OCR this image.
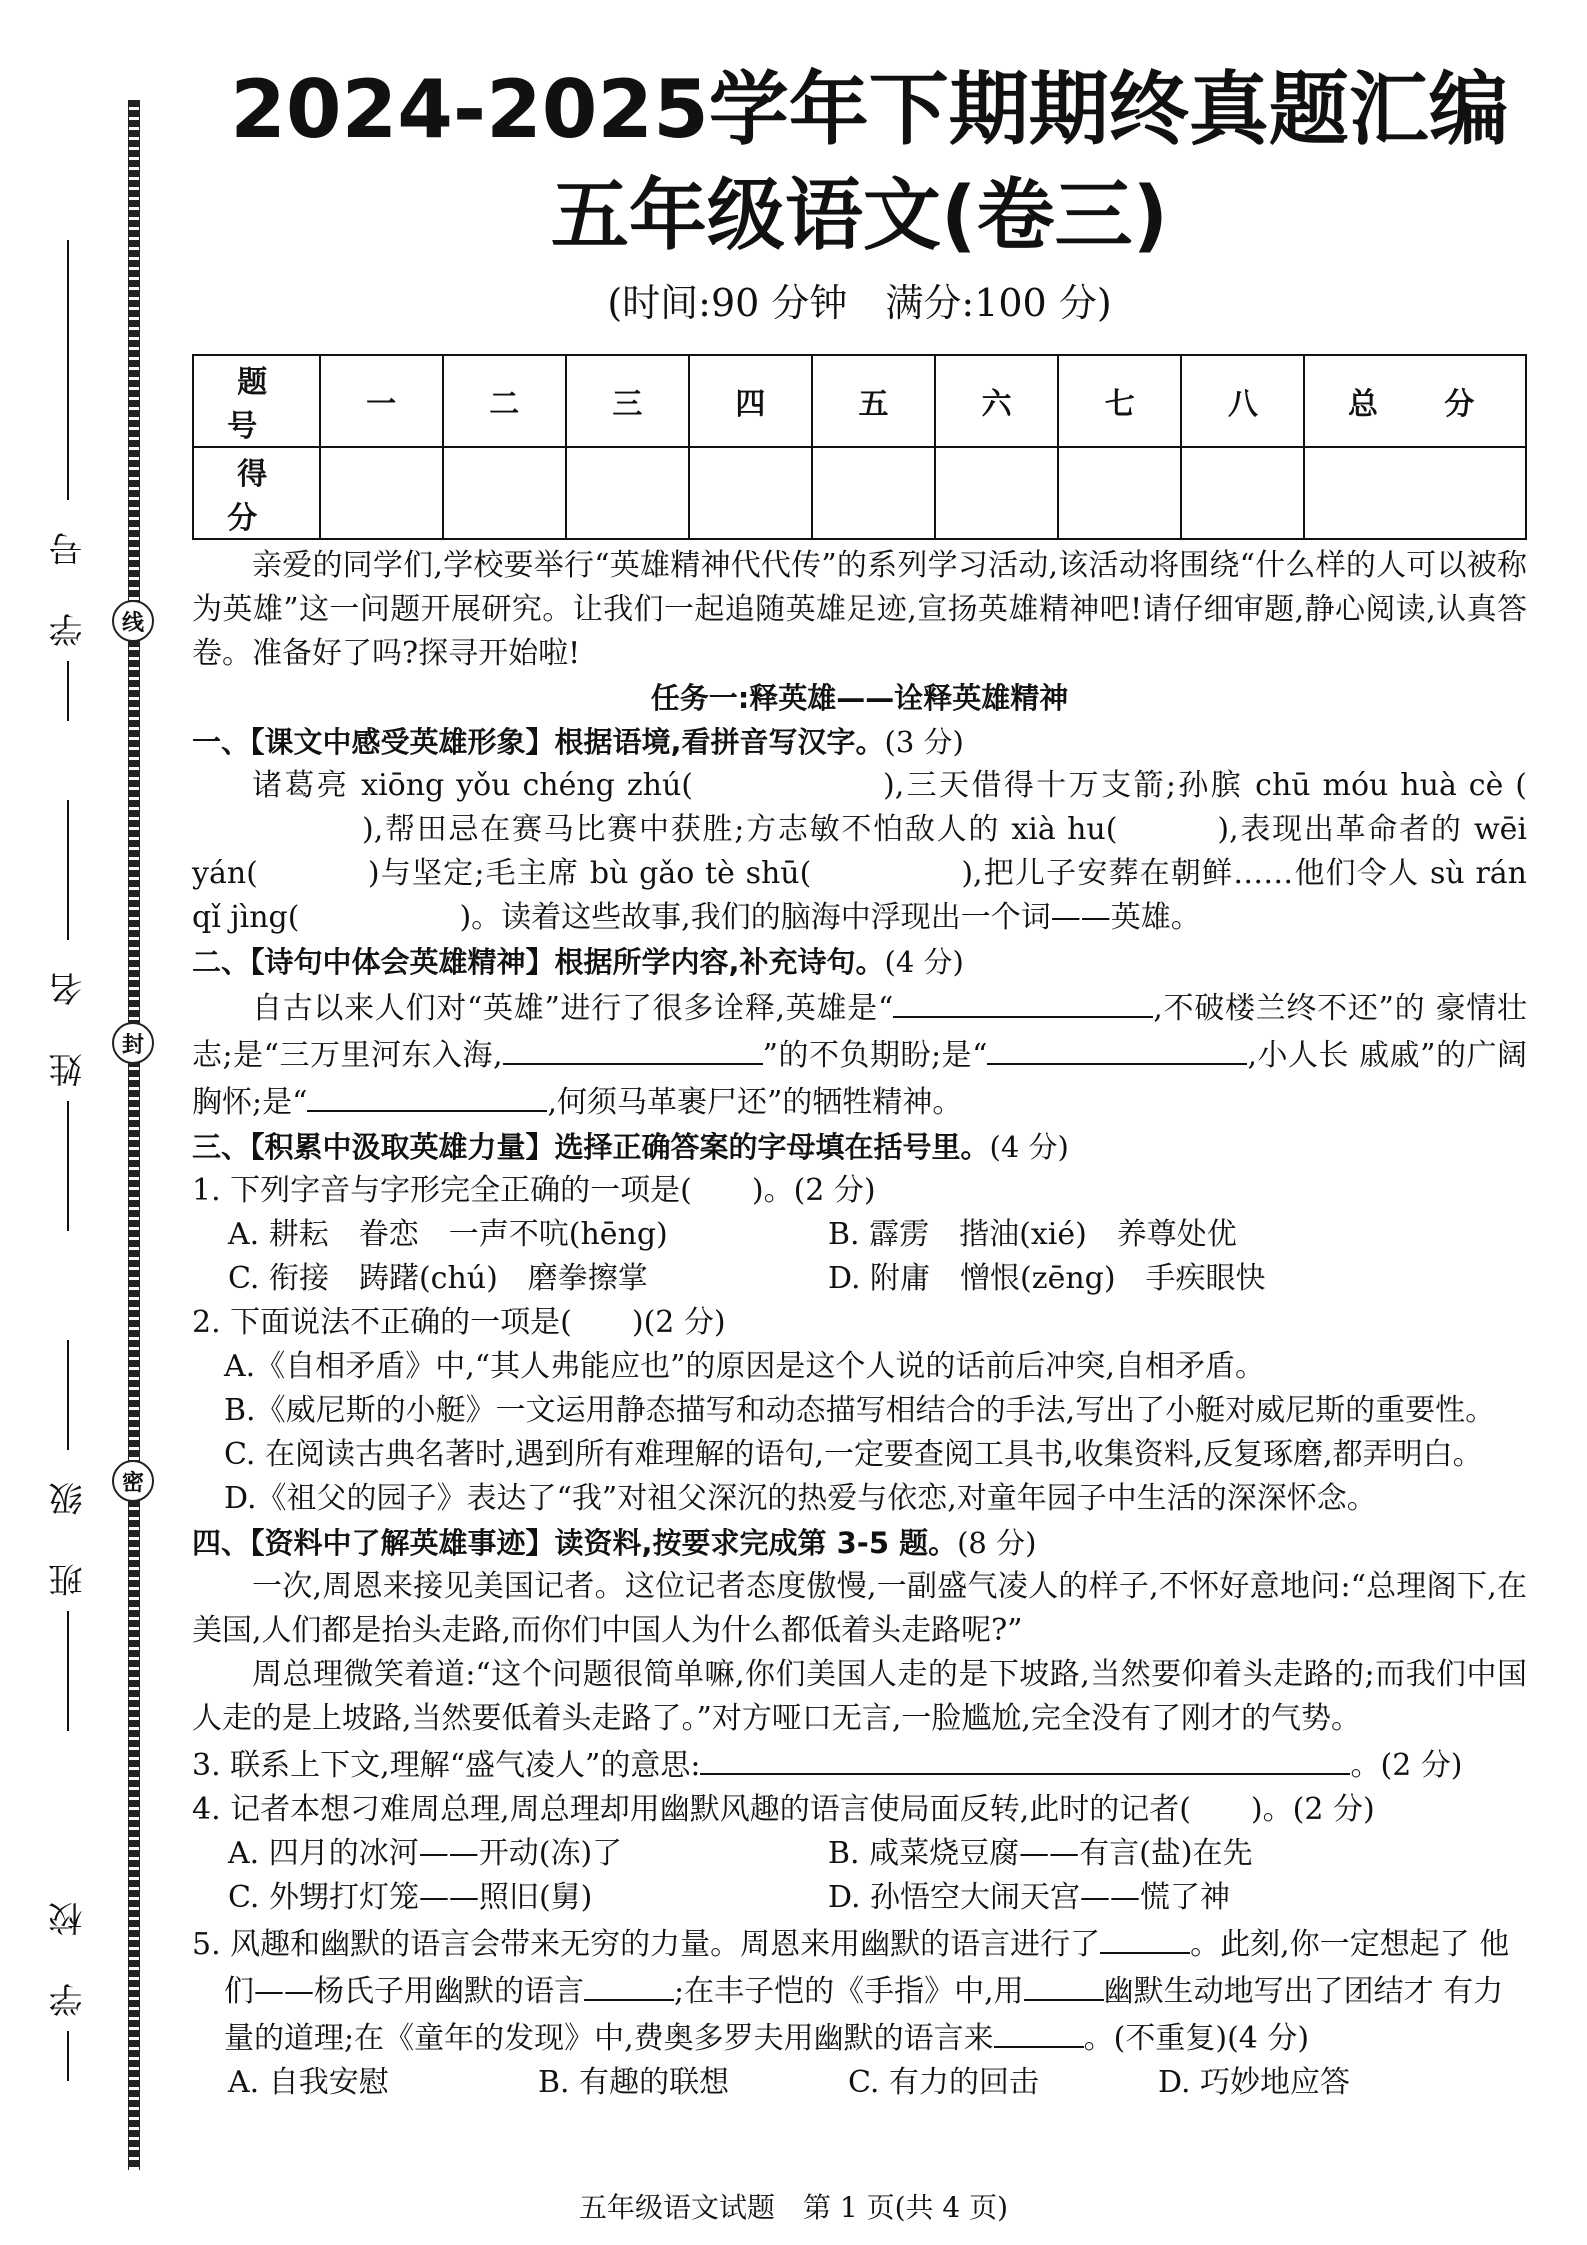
线
封
密
学 号
姓 名
班 级
学 校
2024-2025学年下期期终真题汇编
五年级语文(卷三)
(时间:90 分钟　满分:100 分)
题 号	一	二	三	四	五	六	七	八	总 分
得 分									
亲爱的同学们,学校要举行“英雄精神代代传”的系列学习活动,该活动将围绕“什么样的人可以被称为英雄”这一问题开展研究。让我们一起追随英雄足迹,宣扬英雄精神吧!请仔细审题,静心阅读,认真答卷。准备好了吗?探寻开始啦!
任务一:释英雄——诠释英雄精神
一、【课文中感受英雄形象】根据语境,看拼音写汉字。(3 分)
诸葛亮 xiōng yǒu chéng zhú(	),三天借得十万支箭;孙膑 chū móu huà cè (),帮田忌在赛马比赛中获胜;方志敏不怕敌人的 xià hu(	),表现出革命者的 wēi yán(	)与坚定;毛主席 bù gǎo tè shū(	),把儿子安葬在朝鲜……他们令人 sù rán qǐ jìng(	)。读着这些故事,我们的脑海中浮现出一个词——英雄。
二、【诗句中体会英雄精神】根据所学内容,补充诗句。(4 分)
自古以来人们对“英雄”进行了很多诠释,英雄是“	,不破楼兰终不还”的 豪情壮志;是“三万里河东入海,	”的不负期盼;是“	,小人长 戚戚”的广阔胸怀;是“	,何须马革裹尸还”的牺牲精神。
三、【积累中汲取英雄力量】选择正确答案的字母填在括号里。(4 分)
1. 下列字音与字形完全正确的一项是(　　)。(2 分)
A. 耕耘　眷恋　一声不吭(hēng)	B. 霹雳　揩油(xié)　养尊处优
C. 衔接　踌躇(chú)　磨拳擦掌	D. 附庸　憎恨(zēng)　手疾眼快
2. 下面说法不正确的一项是(　　)(2 分)
A.《自相矛盾》中,“其人弗能应也”的原因是这个人说的话前后冲突,自相矛盾。
B.《威尼斯的小艇》一文运用静态描写和动态描写相结合的手法,写出了小艇对威尼斯的重要性。
C. 在阅读古典名著时,遇到所有难理解的语句,一定要查阅工具书,收集资料,反复琢磨,都弄明白。
D.《祖父的园子》表达了“我”对祖父深沉的热爱与依恋,对童年园子中生活的深深怀念。
四、【资料中了解英雄事迹】读资料,按要求完成第 3-5 题。(8 分)
一次,周恩来接见美国记者。这位记者态度傲慢,一副盛气凌人的样子,不怀好意地问:“总理阁下,在美国,人们都是抬头走路,而你们中国人为什么都低着头走路呢?”
周总理微笑着道:“这个问题很简单嘛,你们美国人走的是下坡路,当然要仰着头走路的;而我们中国人走的是上坡路,当然要低着头走路了。”对方哑口无言,一脸尴尬,完全没有了刚才的气势。
3. 联系上下文,理解“盛气凌人”的意思:	。(2 分)
4. 记者本想刁难周总理,周总理却用幽默风趣的语言使局面反转,此时的记者(　　)。(2 分)
A. 四月的冰河——开动(冻)了	B. 咸菜烧豆腐——有言(盐)在先
C. 外甥打灯笼——照旧(舅)	D. 孙悟空大闹天宫——慌了神
5. 风趣和幽默的语言会带来无穷的力量。周恩来用幽默的语言进行了	。此刻,你一定想起了 他们——杨氏子用幽默的语言	;在丰子恺的《手指》中,用	幽默生动地写出了团结才 有力量的道理;在《童年的发现》中,费奥多罗夫用幽默的语言来	。(不重复)(4 分)
A. 自我安慰	B. 有趣的联想	C. 有力的回击	D. 巧妙地应答
五年级语文试题　第 1 页(共 4 页)
